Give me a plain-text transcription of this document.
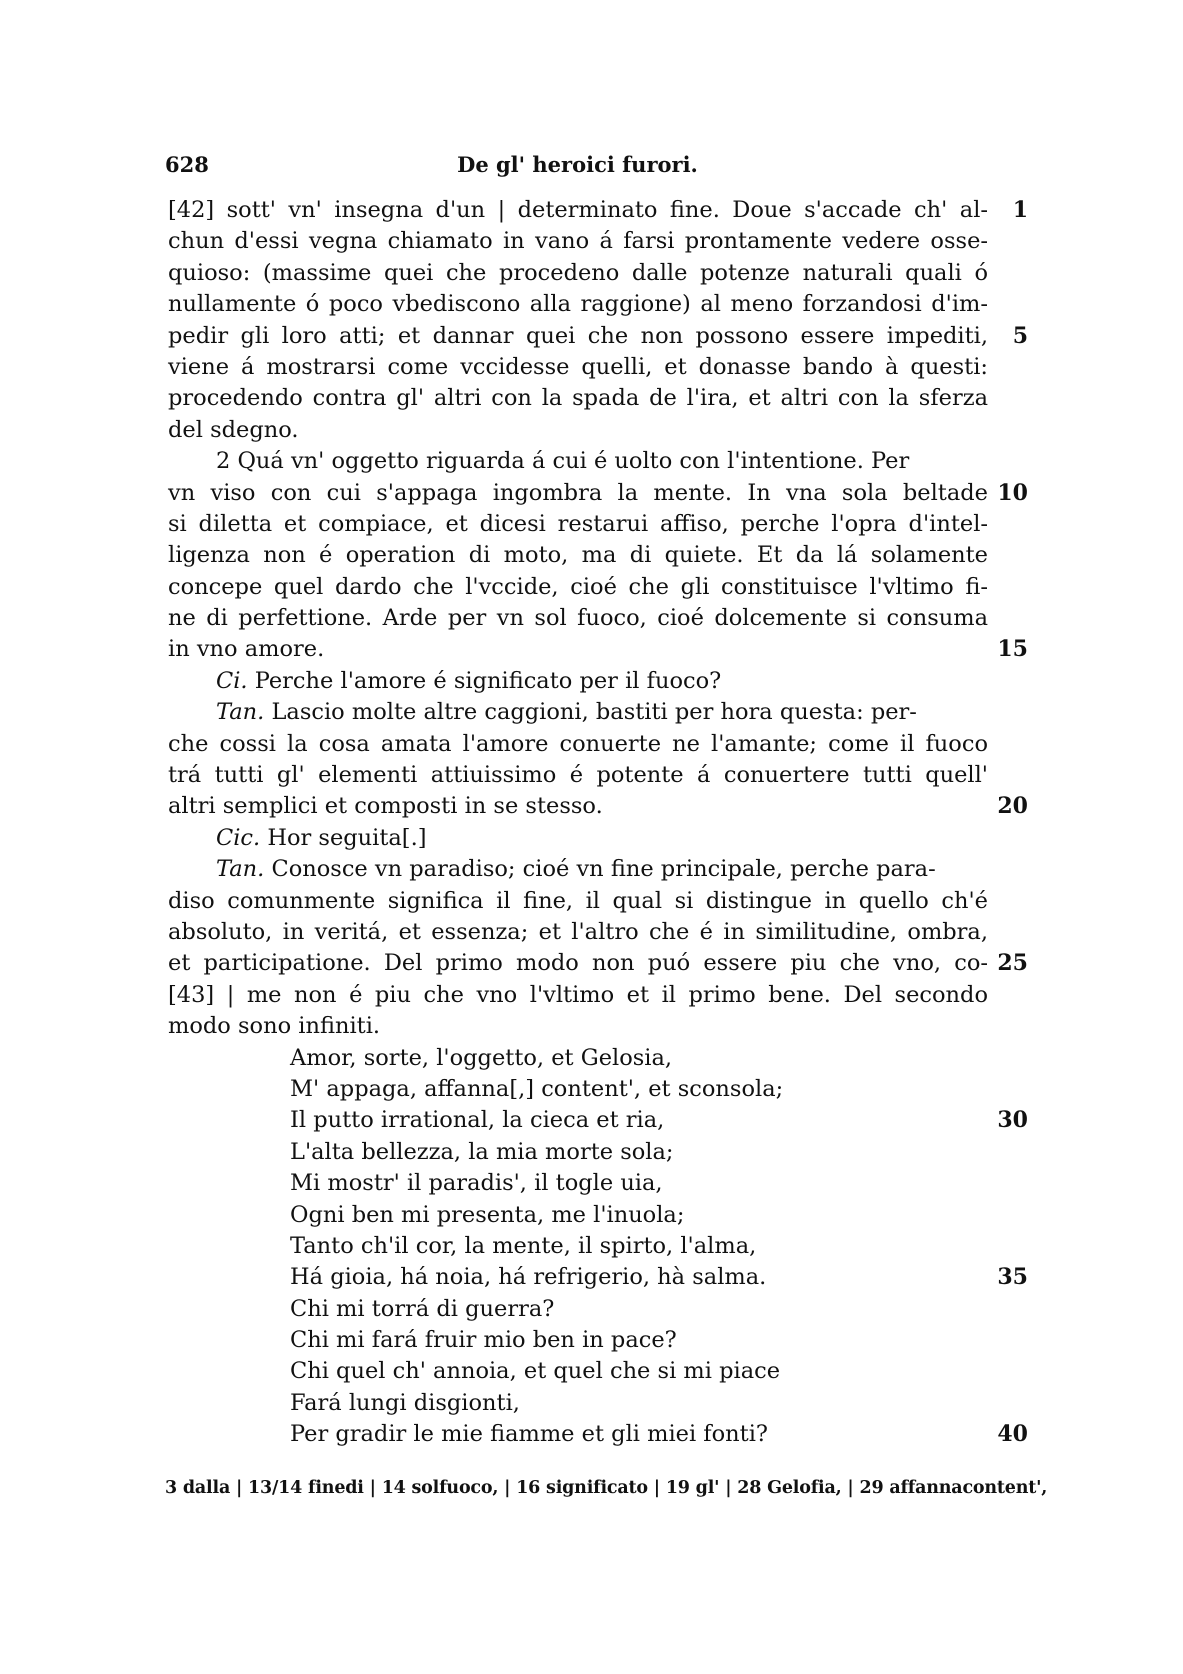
628	De gl' heroici furori.
[42] sott' vn' insegna d'un | determinato fine. Doue s'accade ch' al-	1
chun d'essi vegna chiamato in vano á farsi prontamente vedere osse-
quioso: (massime quei che procedeno dalle potenze naturali quali ó
nullamente ó poco vbediscono alla raggione) al meno forzandosi d'im-
pedir gli loro atti; et dannar quei che non possono essere impediti,	5
viene á mostrarsi come vccidesse quelli, et donasse bando à questi:
procedendo contra gl' altri con la spada de l'ira, et altri con la sferza
del sdegno.
2 Quá vn' oggetto riguarda á cui é uolto con l'intentione. Per
vn viso con cui s'appaga ingombra la mente. In vna sola beltade 10
si diletta et compiace, et dicesi restarui affiso, perche l'opra d'intel-
ligenza non é operation di moto, ma di quiete. Et da lá solamente
concepe quel dardo che l'vccide, cioé che gli constituisce l'vltimo fi-
ne di perfettione. Arde per vn sol fuoco, cioé dolcemente si consuma
in vno amore.	15
Ci. Perche l'amore é significato per il fuoco?
Tan. Lascio molte altre caggioni, bastiti per hora questa: per-
che cossi la cosa amata l'amore conuerte ne l'amante; come il fuoco
trá tutti gl' elementi attiuissimo é potente á conuertere tutti quell'
altri semplici et composti in se stesso.	20
Cic. Hor seguita[.]
Tan. Conosce vn paradiso; cioé vn fine principale, perche para-
diso comunmente significa il fine, il qual si distingue in quello ch'é
absoluto, in veritá, et essenza; et l'altro che é in similitudine, ombra,
et participatione. Del primo modo non puó essere piu che vno, co- 25
[43] | me non é piu che vno l'vltimo et il primo bene. Del secondo
modo sono infiniti.
Amor, sorte, l'oggetto, et Gelosia,
M' appaga, affanna[,] content', et sconsola;
Il putto irrational, la cieca et ria,	30
L'alta bellezza, la mia morte sola;
Mi mostr' il paradis', il togle uia,
Ogni ben mi presenta, me l'inuola;
Tanto ch'il cor, la mente, il spirto, l'alma,
Há gioia, há noia, há refrigerio, hà salma.	35
Chi mi torrá di guerra?
Chi mi fará fruir mio ben in pace?
Chi quel ch' annoia, et quel che si mi piace
Fará lungi disgionti,
Per gradir le mie fiamme et gli miei fonti?	40
3 dalla | 13/14 finedi | 14 solfuoco, | 16 significato | 19 gl' | 28 Gelofia, | 29 affannacontent',
